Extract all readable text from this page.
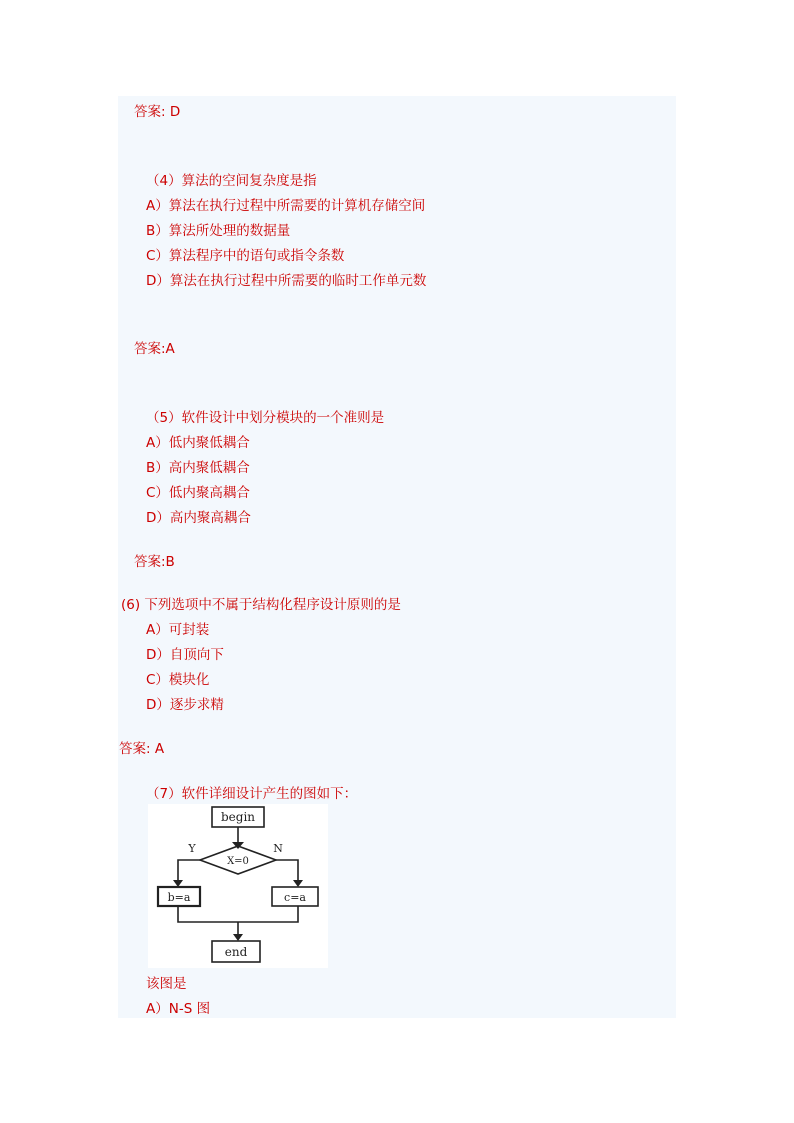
答案: D
（4）算法的空间复杂度是指
A）算法在执行过程中所需要的计算机存储空间
B）算法所处理的数据量
C）算法程序中的语句或指令条数
D）算法在执行过程中所需要的临时工作单元数
答案:A
（5）软件设计中划分模块的一个准则是
A）低内聚低耦合
B）高内聚低耦合
C）低内聚高耦合
D）高内聚高耦合
答案:B
(6) 下列选项中不属于结构化程序设计原则的是
A）可封装
D）自顶向下
C）模块化
D）逐步求精
答案: A
（7）软件详细设计产生的图如下：
begin
X=0
Y	N
b=a	c=a
end
该图是
A）N-S 图
